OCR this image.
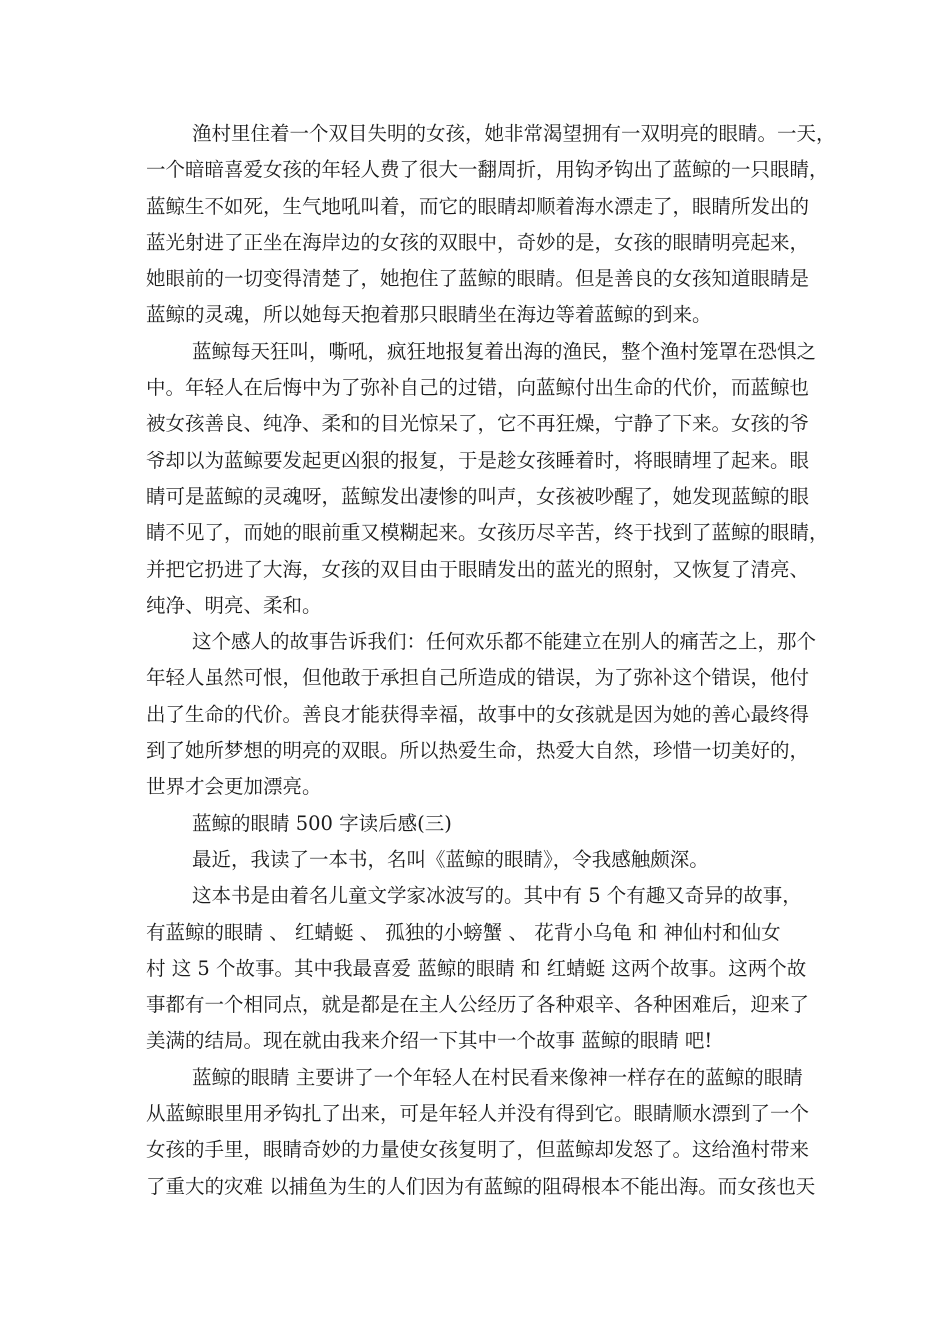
渔村里住着一个双目失明的女孩，她非常渴望拥有一双明亮的眼睛。一天，
一个暗暗喜爱女孩的年轻人费了很大一翻周折，用钩矛钩出了蓝鲸的一只眼睛，
蓝鲸生不如死，生气地吼叫着，而它的眼睛却顺着海水漂走了，眼睛所发出的
蓝光射进了正坐在海岸边的女孩的双眼中，奇妙的是，女孩的眼睛明亮起来，
她眼前的一切变得清楚了，她抱住了蓝鲸的眼睛。但是善良的女孩知道眼睛是
蓝鲸的灵魂，所以她每天抱着那只眼睛坐在海边等着蓝鲸的到来。
蓝鲸每天狂叫，嘶吼，疯狂地报复着出海的渔民，整个渔村笼罩在恐惧之
中。年轻人在后悔中为了弥补自己的过错，向蓝鲸付出生命的代价，而蓝鲸也
被女孩善良、纯净、柔和的目光惊呆了，它不再狂燥，宁静了下来。女孩的爷
爷却以为蓝鲸要发起更凶狠的报复，于是趁女孩睡着时，将眼睛埋了起来。眼
睛可是蓝鲸的灵魂呀，蓝鲸发出凄惨的叫声，女孩被吵醒了，她发现蓝鲸的眼
睛不见了，而她的眼前重又模糊起来。女孩历尽辛苦，终于找到了蓝鲸的眼睛，
并把它扔进了大海，女孩的双目由于眼睛发出的蓝光的照射，又恢复了清亮、
纯净、明亮、柔和。
这个感人的故事告诉我们：任何欢乐都不能建立在别人的痛苦之上，那个
年轻人虽然可恨，但他敢于承担自己所造成的错误，为了弥补这个错误，他付
出了生命的代价。善良才能获得幸福，故事中的女孩就是因为她的善心最终得
到了她所梦想的明亮的双眼。所以热爱生命，热爱大自然，珍惜一切美好的，
世界才会更加漂亮。
蓝鲸的眼睛 500 字读后感(三)
最近，我读了一本书，名叫《蓝鲸的眼睛》，令我感触颇深。
这本书是由着名儿童文学家冰波写的。其中有 5 个有趣又奇异的故事，
有蓝鲸的眼睛 、 红蜻蜓 、 孤独的小螃蟹 、 花背小乌龟 和 神仙村和仙女
村 这 5 个故事。其中我最喜爱 蓝鲸的眼睛 和 红蜻蜓 这两个故事。这两个故
事都有一个相同点，就是都是在主人公经历了各种艰辛、各种困难后，迎来了
美满的结局。现在就由我来介绍一下其中一个故事 蓝鲸的眼睛 吧!
蓝鲸的眼睛 主要讲了一个年轻人在村民看来像神一样存在的蓝鲸的眼睛
从蓝鲸眼里用矛钩扎了出来，可是年轻人并没有得到它。眼睛顺水漂到了一个
女孩的手里，眼睛奇妙的力量使女孩复明了，但蓝鲸却发怒了。这给渔村带来
了重大的灾难 以捕鱼为生的人们因为有蓝鲸的阻碍根本不能出海。而女孩也天
